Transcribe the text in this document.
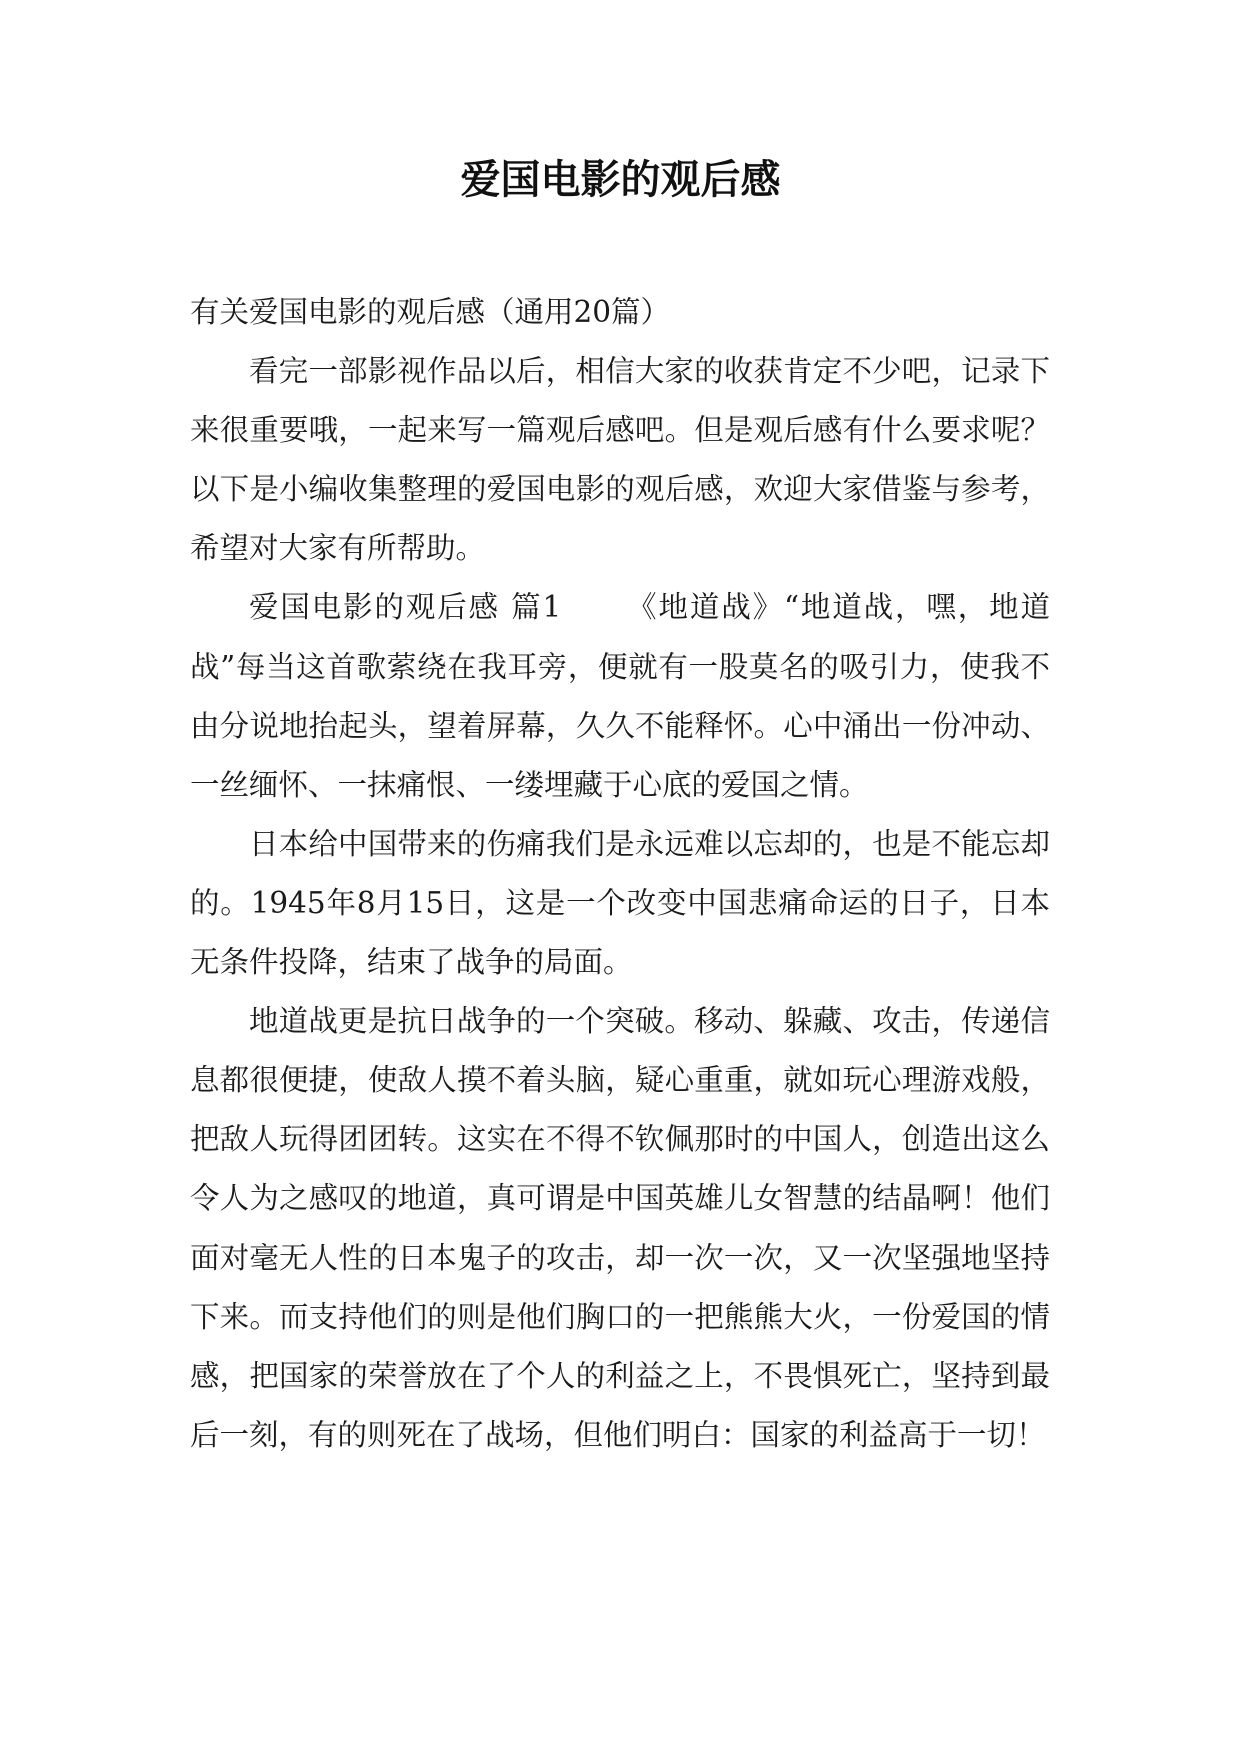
爱国电影的观后感

有关爱国电影的观后感（通用20篇）

看完一部影视作品以后，相信大家的收获肯定不少吧，记录下来很重要哦，一起来写一篇观后感吧。但是观后感有什么要求呢？以下是小编收集整理的爱国电影的观后感，欢迎大家借鉴与参考，希望对大家有所帮助。

爱国电影的观后感 篇1 《地道战》“地道战，嘿，地道战”每当这首歌萦绕在我耳旁，便就有一股莫名的吸引力，使我不由分说地抬起头，望着屏幕，久久不能释怀。心中涌出一份冲动、一丝缅怀、一抹痛恨、一缕埋藏于心底的爱国之情。

日本给中国带来的伤痛我们是永远难以忘却的，也是不能忘却的。1945年8月15日，这是一个改变中国悲痛命运的日子，日本无条件投降，结束了战争的局面。

地道战更是抗日战争的一个突破。移动、躲藏、攻击，传递信息都很便捷，使敌人摸不着头脑，疑心重重，就如玩心理游戏般，把敌人玩得团团转。这实在不得不钦佩那时的中国人，创造出这么令人为之感叹的地道，真可谓是中国英雄儿女智慧的结晶啊！他们面对毫无人性的日本鬼子的攻击，却一次一次，又一次坚强地坚持下来。而支持他们的则是他们胸口的一把熊熊大火，一份爱国的情感，把国家的荣誉放在了个人的利益之上，不畏惧死亡，坚持到最后一刻，有的则死在了战场，但他们明白：国家的利益高于一切！
